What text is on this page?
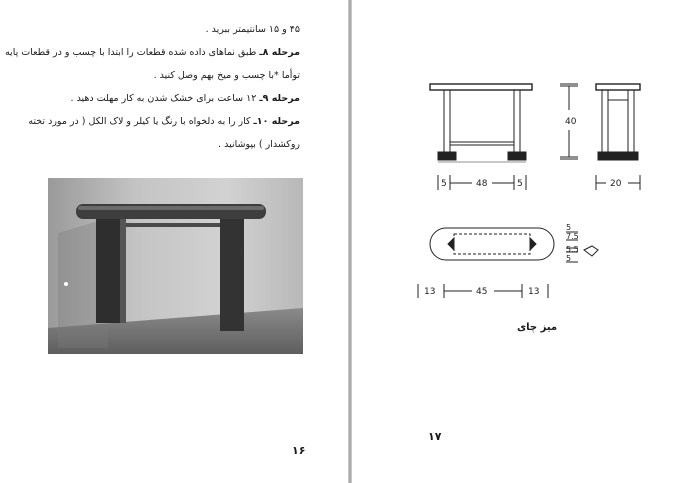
۴۵ و ۱۵ سانتیمتر ببرید .

مرحله ۸ـ طبق نماهای داده شده قطعات را ابتدا با چسب و در قطعات پایه

توأما *با چسب و میخ بهم وصل کنید .

مرحله ۹ـ ۱۲ ساعت برای خشک شدن به کار مهلت دهید .

مرحله ۱۰ـ کار را به دلخواه با رنگ یا کیلر و لاک الکل ( در مورد تخته

روکشدار ) بپوشانید .

۱۶
40
5	48	5	20
5
7.5
5.5
5
13	45	13
میز چای
۱۷
